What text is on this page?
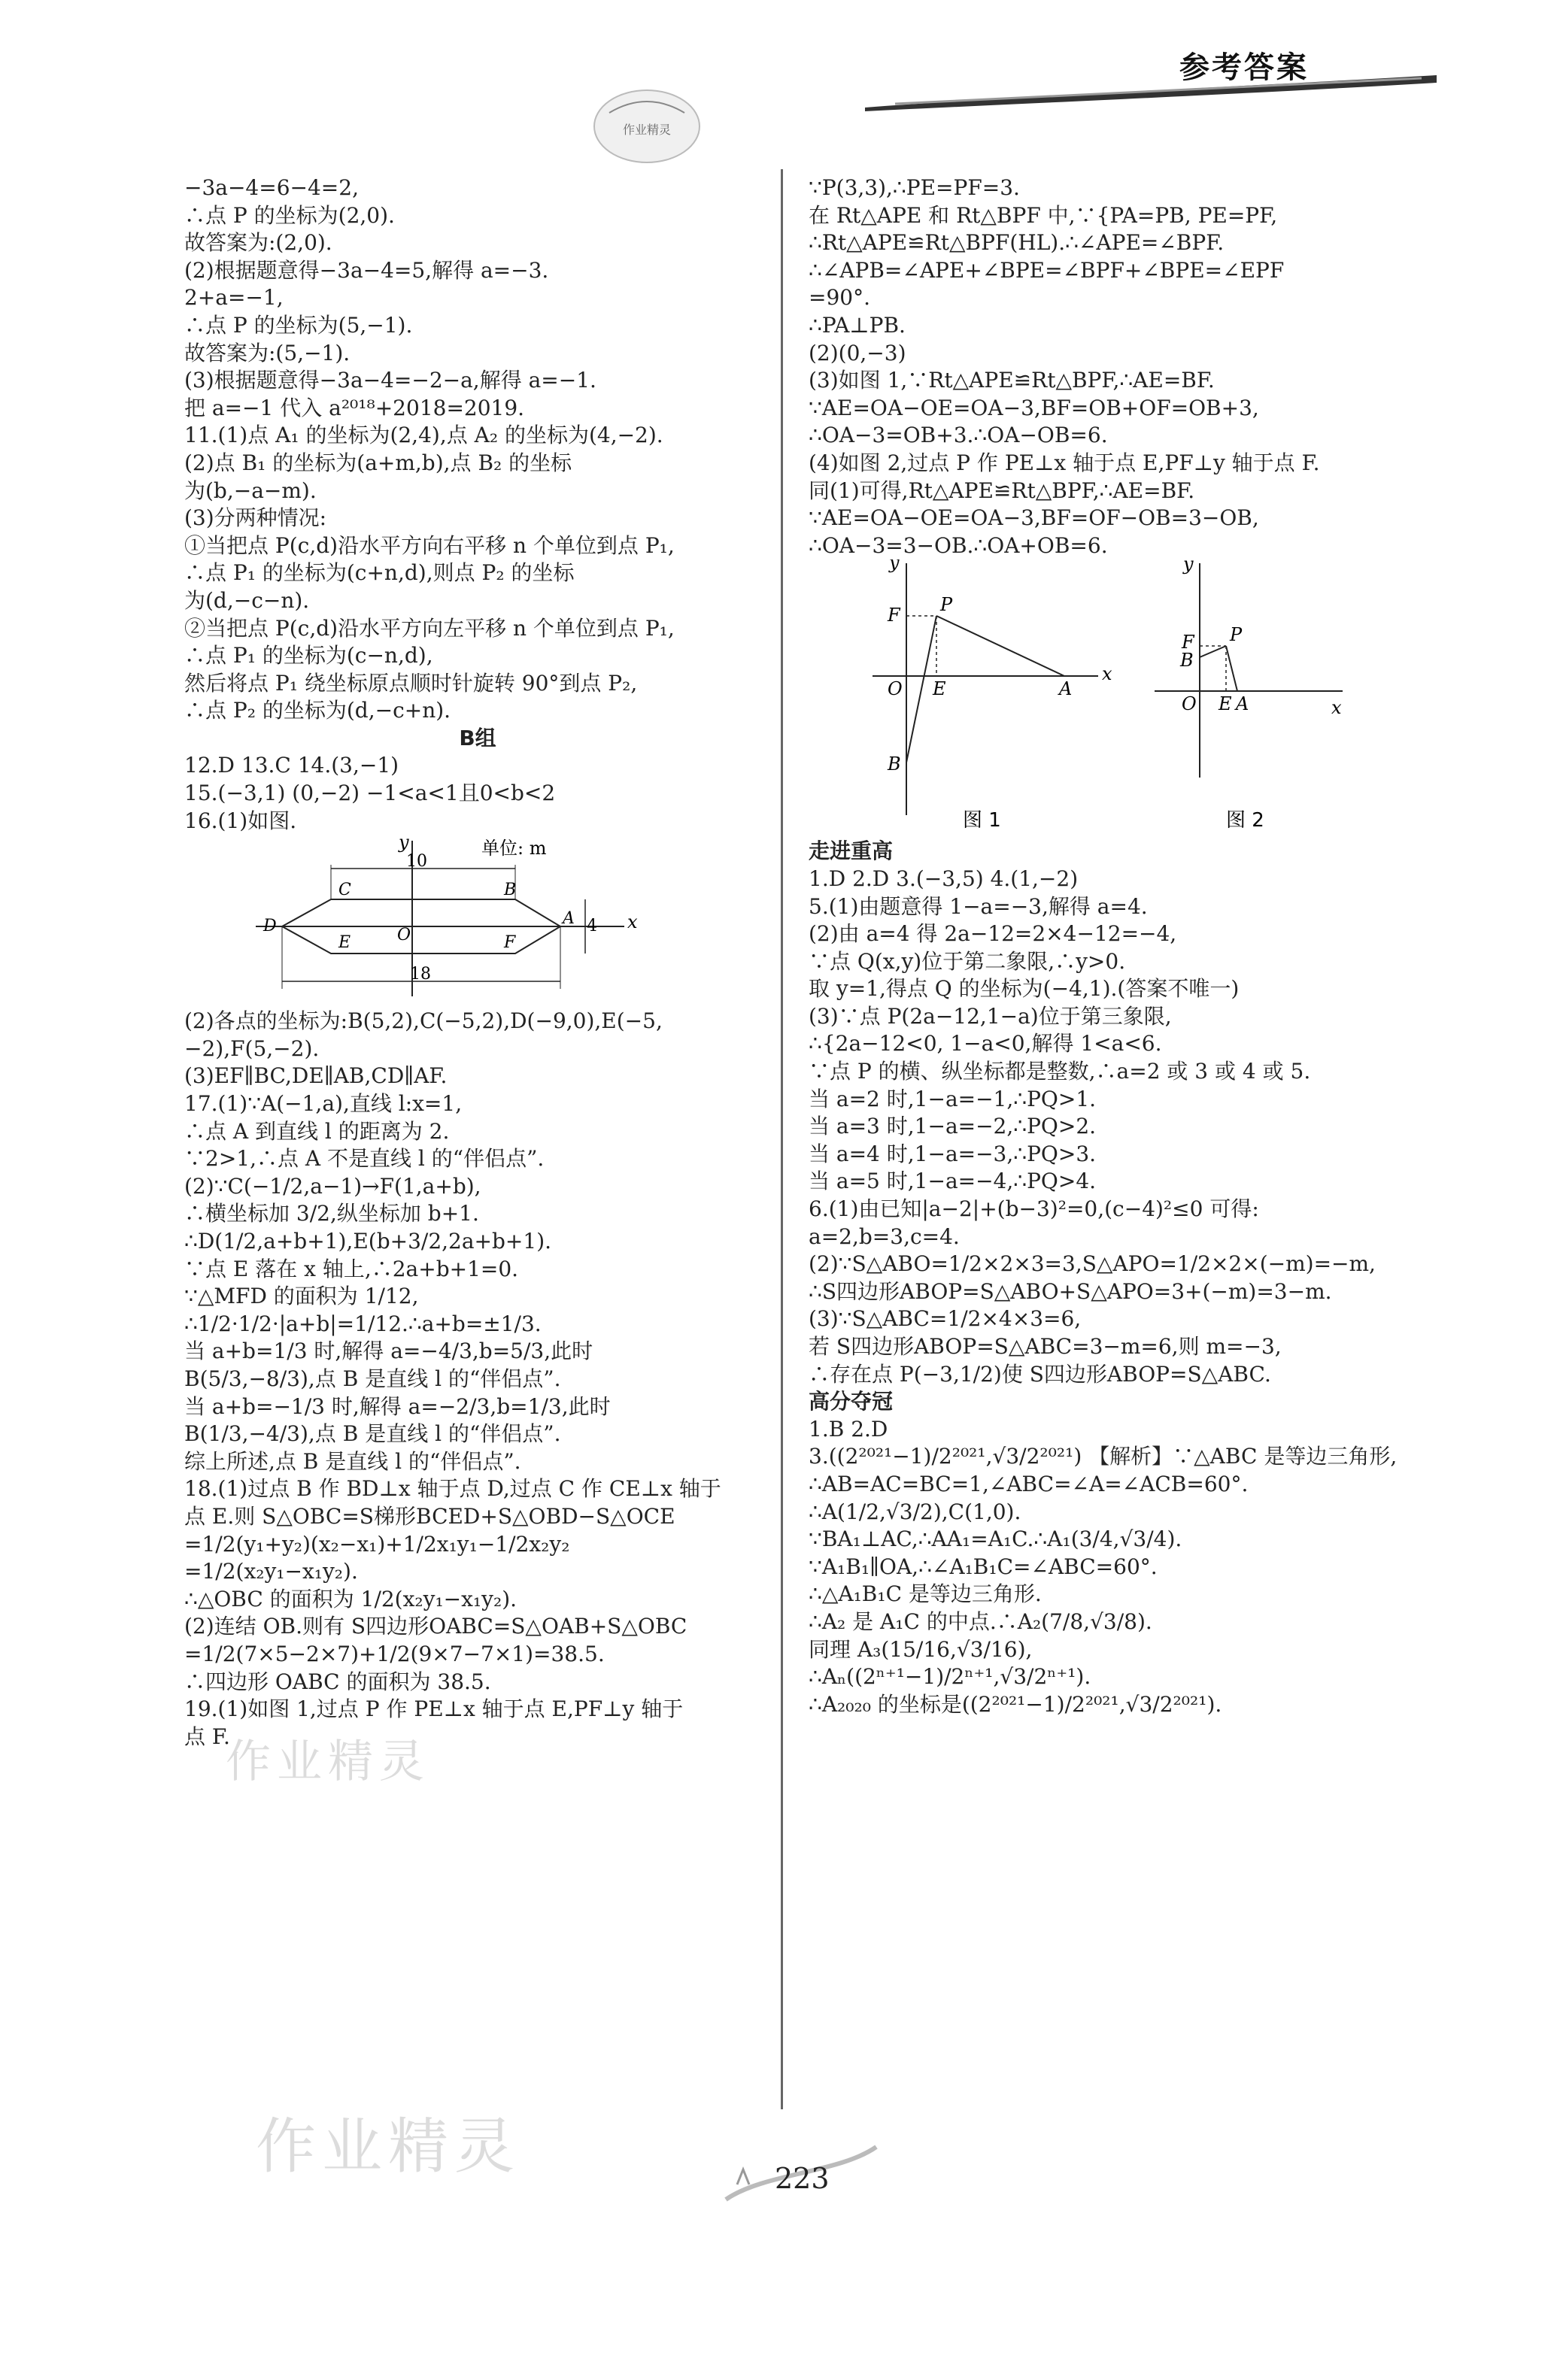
参考答案
作业精灵
−3a−4=6−4=2,
∴点 P 的坐标为(2,0).
故答案为:(2,0).
(2)根据题意得−3a−4=5,解得 a=−3.
2+a=−1,
∴点 P 的坐标为(5,−1).
故答案为:(5,−1).
(3)根据题意得−3a−4=−2−a,解得 a=−1.
把 a=−1 代入 a²⁰¹⁸+2018=2019.
11.(1)点 A₁ 的坐标为(2,4),点 A₂ 的坐标为(4,−2).
(2)点 B₁ 的坐标为(a+m,b),点 B₂ 的坐标
为(b,−a−m).
(3)分两种情况:
①当把点 P(c,d)沿水平方向右平移 n 个单位到点 P₁,
∴点 P₁ 的坐标为(c+n,d),则点 P₂ 的坐标
为(d,−c−n).
②当把点 P(c,d)沿水平方向左平移 n 个单位到点 P₁,
∴点 P₁ 的坐标为(c−n,d),
然后将点 P₁ 绕坐标原点顺时针旋转 90°到点 P₂,
∴点 P₂ 的坐标为(d,−c+n).
B组
12.D 13.C 14.(3,−1)
15.(−3,1) (0,−2) −1<a<1且0<b<2
16.(1)如图.
单位: m
10
18
4
y
x
O
A
B
C
D
E	F
(2)各点的坐标为:B(5,2),C(−5,2),D(−9,0),E(−5,
−2),F(5,−2).
(3)EF∥BC,DE∥AB,CD∥AF.
17.(1)∵A(−1,a),直线 l:x=1,
∴点 A 到直线 l 的距离为 2.
∵2>1,∴点 A 不是直线 l 的“伴侣点”.
(2)∵C(−1/2,a−1)→F(1,a+b),
∴横坐标加 3/2,纵坐标加 b+1.
∴D(1/2,a+b+1),E(b+3/2,2a+b+1).
∵点 E 落在 x 轴上,∴2a+b+1=0.
∵△MFD 的面积为 1/12,
∴1/2·1/2·|a+b|=1/12.∴a+b=±1/3.
当 a+b=1/3 时,解得 a=−4/3,b=5/3,此时
B(5/3,−8/3),点 B 是直线 l 的“伴侣点”.
当 a+b=−1/3 时,解得 a=−2/3,b=1/3,此时
B(1/3,−4/3),点 B 是直线 l 的“伴侣点”.
综上所述,点 B 是直线 l 的“伴侣点”.
18.(1)过点 B 作 BD⊥x 轴于点 D,过点 C 作 CE⊥x 轴于
点 E.则 S△OBC=S梯形BCED+S△OBD−S△OCE
=1/2(y₁+y₂)(x₂−x₁)+1/2x₁y₁−1/2x₂y₂
=1/2(x₂y₁−x₁y₂).
∴△OBC 的面积为 1/2(x₂y₁−x₁y₂).
(2)连结 OB.则有 S四边形OABC=S△OAB+S△OBC
=1/2(7×5−2×7)+1/2(9×7−7×1)=38.5.
∴四边形 OABC 的面积为 38.5.
19.(1)如图 1,过点 P 作 PE⊥x 轴于点 E,PF⊥y 轴于
点 F.
∵P(3,3),∴PE=PF=3.
在 Rt△APE 和 Rt△BPF 中,∵{PA=PB, PE=PF,
∴Rt△APE≌Rt△BPF(HL).∴∠APE=∠BPF.
∴∠APB=∠APE+∠BPE=∠BPF+∠BPE=∠EPF
=90°.
∴PA⊥PB.
(2)(0,−3)
(3)如图 1,∵Rt△APE≌Rt△BPF,∴AE=BF.
∵AE=OA−OE=OA−3,BF=OB+OF=OB+3,
∴OA−3=OB+3.∴OA−OB=6.
(4)如图 2,过点 P 作 PE⊥x 轴于点 E,PF⊥y 轴于点 F.
同(1)可得,Rt△APE≌Rt△BPF,∴AE=BF.
∵AE=OA−OE=OA−3,BF=OF−OB=3−OB,
∴OA−3=3−OB.∴OA+OB=6.
y
x
P
F
O E	A
B
图 1
y
x
P
F
B
O E A
图 2
走进重高
1.D 2.D 3.(−3,5) 4.(1,−2)
5.(1)由题意得 1−a=−3,解得 a=4.
(2)由 a=4 得 2a−12=2×4−12=−4,
∵点 Q(x,y)位于第二象限,∴y>0.
取 y=1,得点 Q 的坐标为(−4,1).(答案不唯一)
(3)∵点 P(2a−12,1−a)位于第三象限,
∴{2a−12<0, 1−a<0,解得 1<a<6.
∵点 P 的横、纵坐标都是整数,∴a=2 或 3 或 4 或 5.
当 a=2 时,1−a=−1,∴PQ>1.
当 a=3 时,1−a=−2,∴PQ>2.
当 a=4 时,1−a=−3,∴PQ>3.
当 a=5 时,1−a=−4,∴PQ>4.
6.(1)由已知|a−2|+(b−3)²=0,(c−4)²≤0 可得:
a=2,b=3,c=4.
(2)∵S△ABO=1/2×2×3=3,S△APO=1/2×2×(−m)=−m,
∴S四边形ABOP=S△ABO+S△APO=3+(−m)=3−m.
(3)∵S△ABC=1/2×4×3=6,
若 S四边形ABOP=S△ABC=3−m=6,则 m=−3,
∴存在点 P(−3,1/2)使 S四边形ABOP=S△ABC.
高分夺冠
1.B 2.D
3.((2²⁰²¹−1)/2²⁰²¹,√3/2²⁰²¹) 【解析】∵△ABC 是等边三角形,
∴AB=AC=BC=1,∠ABC=∠A=∠ACB=60°.
∴A(1/2,√3/2),C(1,0).
∵BA₁⊥AC,∴AA₁=A₁C.∴A₁(3/4,√3/4).
∵A₁B₁∥OA,∴∠A₁B₁C=∠ABC=60°.
∴△A₁B₁C 是等边三角形.
∴A₂ 是 A₁C 的中点.∴A₂(7/8,√3/8).
同理 A₃(15/16,√3/16),
∴Aₙ((2ⁿ⁺¹−1)/2ⁿ⁺¹,√3/2ⁿ⁺¹).
∴A₂₀₂₀ 的坐标是((2²⁰²¹−1)/2²⁰²¹,√3/2²⁰²¹).
作业精灵
作业精灵	223
